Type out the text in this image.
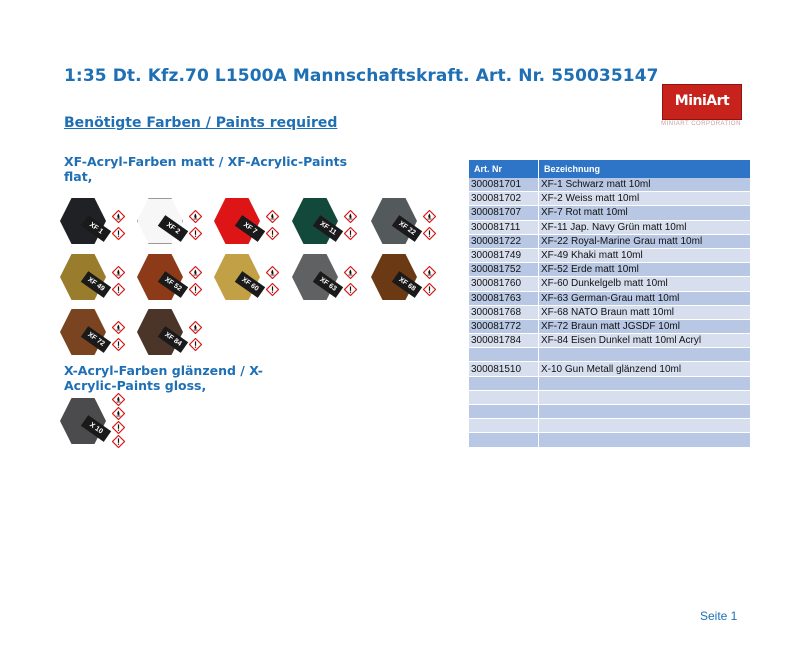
1:35 Dt. Kfz.70 L1500A Mannschaftskraft. Art. Nr. 550035147
Benötigte Farben / Paints required
MiniArt
MINIART CORPORATION
XF-Acryl-Farben matt / XF-Acrylic-Paints flat,
XF 1	XF 2	XF 7	XF 11	XF 22
XF 49	XF 52	XF 60	XF 63	XF 68
XF 72	XF 84
X-Acryl-Farben glänzend / X-Acrylic-Paints gloss,
X 10
Art. Nr	Bezeichnung
300081701	XF-1 Schwarz matt 10ml
300081702	XF-2 Weiss matt 10ml
300081707	XF-7 Rot matt 10ml
300081711	XF-11 Jap. Navy Grün matt 10ml
300081722	XF-22 Royal-Marine Grau matt 10ml
300081749	XF-49 Khaki matt 10ml
300081752	XF-52 Erde matt 10ml
300081760	XF-60 Dunkelgelb matt 10ml
300081763	XF-63 German-Grau matt 10ml
300081768	XF-68 NATO Braun matt 10ml
300081772	XF-72 Braun matt JGSDF 10ml
300081784	XF-84 Eisen Dunkel matt 10ml Acryl

300081510	X-10 Gun Metall glänzend 10ml

Seite 1
